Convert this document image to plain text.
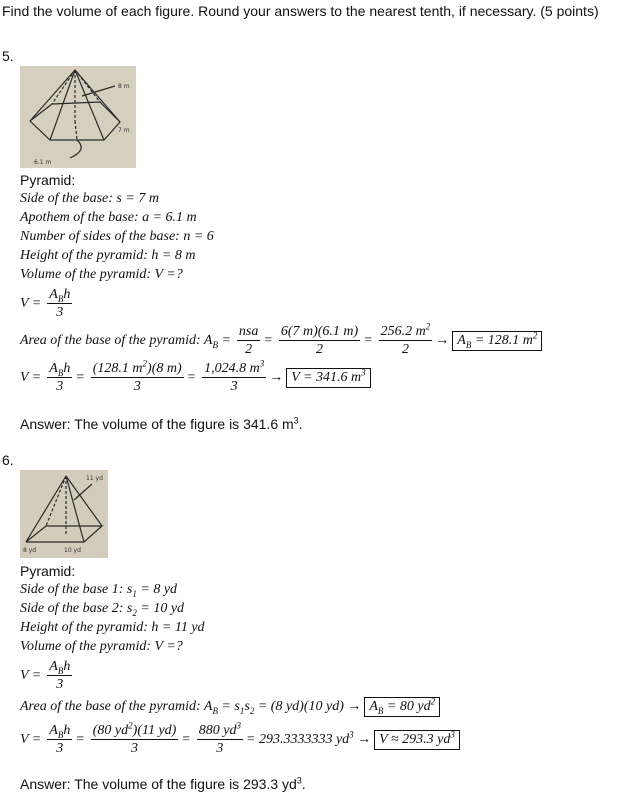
Find the volume of each figure. Round your answers to the nearest tenth, if necessary. (5 points)
5.
8 m
7 m
6.1 m
Pyramid:
Side of the base: s = 7 m
Apothem of the base: a = 6.1 m
Number of sides of the base: n = 6
Height of the pyramid: h = 8 m
Volume of the pyramid: V =?
$V = \frac{A_Bh}{3}$
Area of the base of the pyramid: $A_B = \frac{\text{nsa}}{2} = \frac{6(7 m)(6.1 m)}{2} = \frac{256.2 m^2}{2} \to A_B = 128.1$ $m^2$
$V = \frac{A_Bh}{3} = \frac{(128.1 m^2)(8 m)}{3} = \frac{1,024.8 m^3}{3} \to V = 341.6$ $m^3$
Answer: The volume of the figure is 341.6 $m^3$.
6.
11 yd
8 yd	10 yd
Pyramid:
Side of the base 1: $s_1 = 8$ yd
Side of the base 2: $s_2 = 10$ yd
Height of the pyramid: h = 11 yd
Volume of the pyramid: V =?
$V = \frac{A_Bh}{3}$
Area of the base of the pyramid: $A_B = s_1s_2 = (8$ yd)(10 $yd) \to A_B = 80$ $yd^2$
$V = \frac{A_Bh}{3} = \frac{(80 yd^2)(11 yd)}{3} = \frac{880 yd^3}{3} = 293.3333333$ $yd^3 \to V \approx 293.3$ $yd^3$
Answer: The volume of the figure is 293.3 $yd^3$.
